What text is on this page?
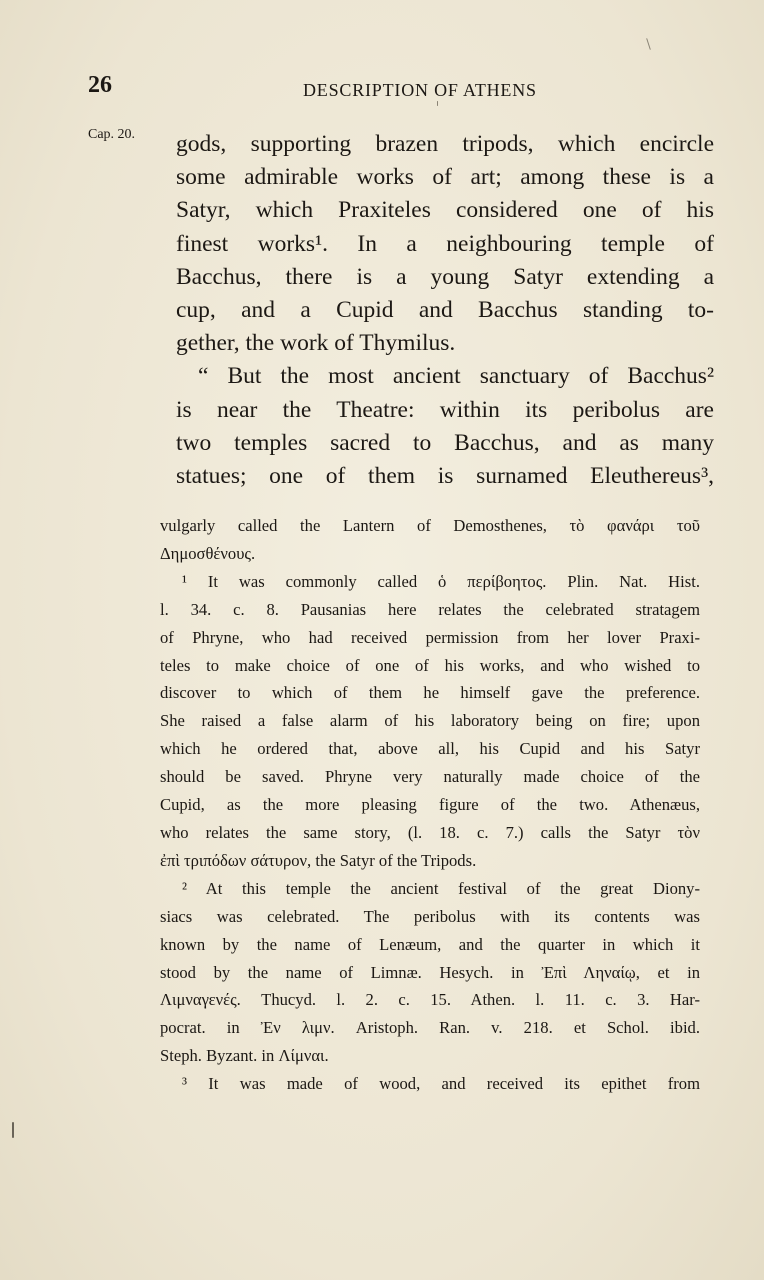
26	DESCRIPTION OF ATHENS
Cap. 20. gods, supporting brazen tripods, which encircle
some admirable works of art; among these is a
Satyr, which Praxiteles considered one of his
finest works¹. In a neighbouring temple of
Bacchus, there is a young Satyr extending a
cup, and a Cupid and Bacchus standing to-
gether, the work of Thymilus.
“ But the most ancient sanctuary of Bacchus²
is near the Theatre: within its peribolus are
two temples sacred to Bacchus, and as many
statues; one of them is surnamed Eleuthereus³,
vulgarly called the Lantern of Demosthenes, τὸ φανάρι τοῦ
Δημοσθένους.
¹ It was commonly called ὁ περίβοητος. Plin. Nat. Hist.
l. 34. c. 8. Pausanias here relates the celebrated stratagem
of Phryne, who had received permission from her lover Praxi-
teles to make choice of one of his works, and who wished to
discover to which of them he himself gave the preference.
She raised a false alarm of his laboratory being on fire; upon
which he ordered that, above all, his Cupid and his Satyr
should be saved. Phryne very naturally made choice of the
Cupid, as the more pleasing figure of the two. Athenæus,
who relates the same story, (l. 18. c. 7.) calls the Satyr τὸν
ἐπὶ τριπόδων σάτυρον, the Satyr of the Tripods.
² At this temple the ancient festival of the great Diony-
siacs was celebrated. The peribolus with its contents was
known by the name of Lenæum, and the quarter in which it
stood by the name of Limnæ. Hesych. in Ἐπὶ Ληναίῳ, et in
Λιμναγενές. Thucyd. l. 2. c. 15. Athen. l. 11. c. 3. Har-
pocrat. in Ἐν λιμν. Aristoph. Ran. v. 218. et Schol. ibid.
Steph. Byzant. in Λίμναι.
³ It was made of wood, and received its epithet from
